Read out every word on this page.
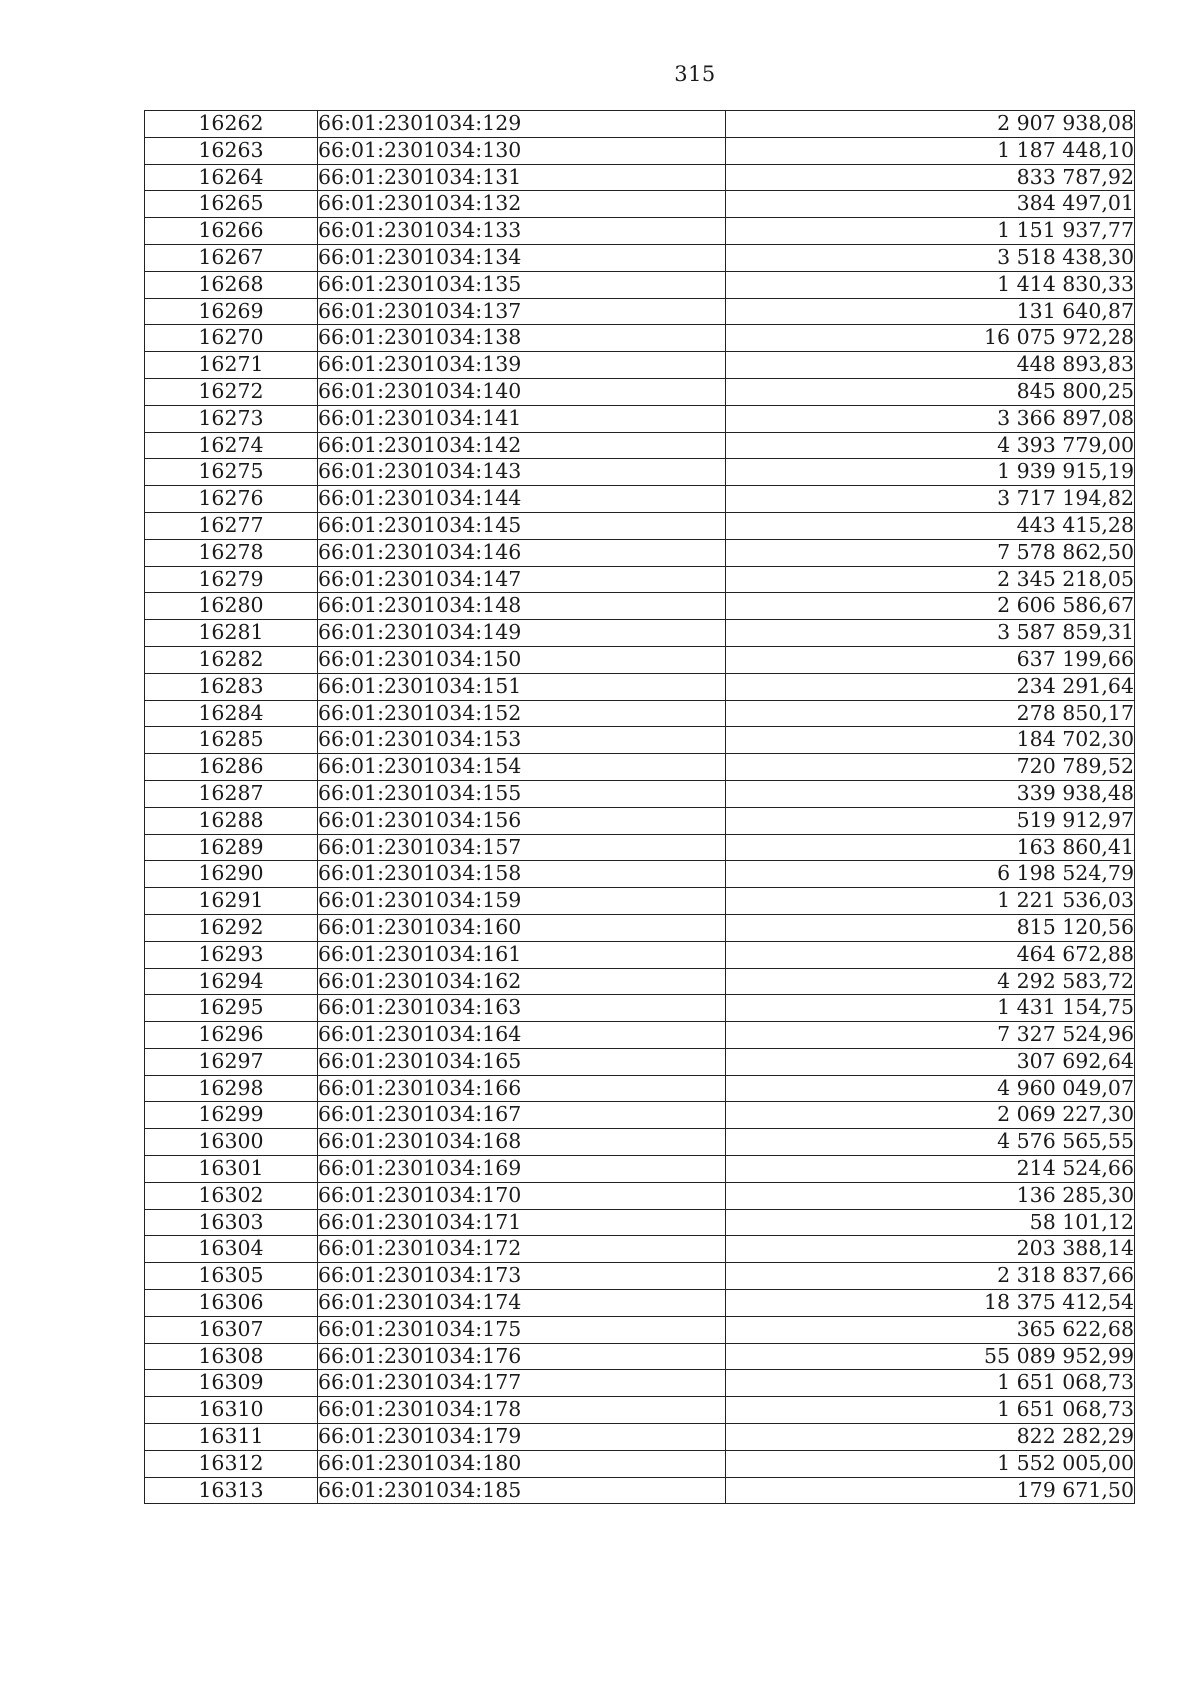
315
16262	66:01:2301034:129	2 907 938,08
16263	66:01:2301034:130	1 187 448,10
16264	66:01:2301034:131	833 787,92
16265	66:01:2301034:132	384 497,01
16266	66:01:2301034:133	1 151 937,77
16267	66:01:2301034:134	3 518 438,30
16268	66:01:2301034:135	1 414 830,33
16269	66:01:2301034:137	131 640,87
16270	66:01:2301034:138	16 075 972,28
16271	66:01:2301034:139	448 893,83
16272	66:01:2301034:140	845 800,25
16273	66:01:2301034:141	3 366 897,08
16274	66:01:2301034:142	4 393 779,00
16275	66:01:2301034:143	1 939 915,19
16276	66:01:2301034:144	3 717 194,82
16277	66:01:2301034:145	443 415,28
16278	66:01:2301034:146	7 578 862,50
16279	66:01:2301034:147	2 345 218,05
16280	66:01:2301034:148	2 606 586,67
16281	66:01:2301034:149	3 587 859,31
16282	66:01:2301034:150	637 199,66
16283	66:01:2301034:151	234 291,64
16284	66:01:2301034:152	278 850,17
16285	66:01:2301034:153	184 702,30
16286	66:01:2301034:154	720 789,52
16287	66:01:2301034:155	339 938,48
16288	66:01:2301034:156	519 912,97
16289	66:01:2301034:157	163 860,41
16290	66:01:2301034:158	6 198 524,79
16291	66:01:2301034:159	1 221 536,03
16292	66:01:2301034:160	815 120,56
16293	66:01:2301034:161	464 672,88
16294	66:01:2301034:162	4 292 583,72
16295	66:01:2301034:163	1 431 154,75
16296	66:01:2301034:164	7 327 524,96
16297	66:01:2301034:165	307 692,64
16298	66:01:2301034:166	4 960 049,07
16299	66:01:2301034:167	2 069 227,30
16300	66:01:2301034:168	4 576 565,55
16301	66:01:2301034:169	214 524,66
16302	66:01:2301034:170	136 285,30
16303	66:01:2301034:171	58 101,12
16304	66:01:2301034:172	203 388,14
16305	66:01:2301034:173	2 318 837,66
16306	66:01:2301034:174	18 375 412,54
16307	66:01:2301034:175	365 622,68
16308	66:01:2301034:176	55 089 952,99
16309	66:01:2301034:177	1 651 068,73
16310	66:01:2301034:178	1 651 068,73
16311	66:01:2301034:179	822 282,29
16312	66:01:2301034:180	1 552 005,00
16313	66:01:2301034:185	179 671,50
